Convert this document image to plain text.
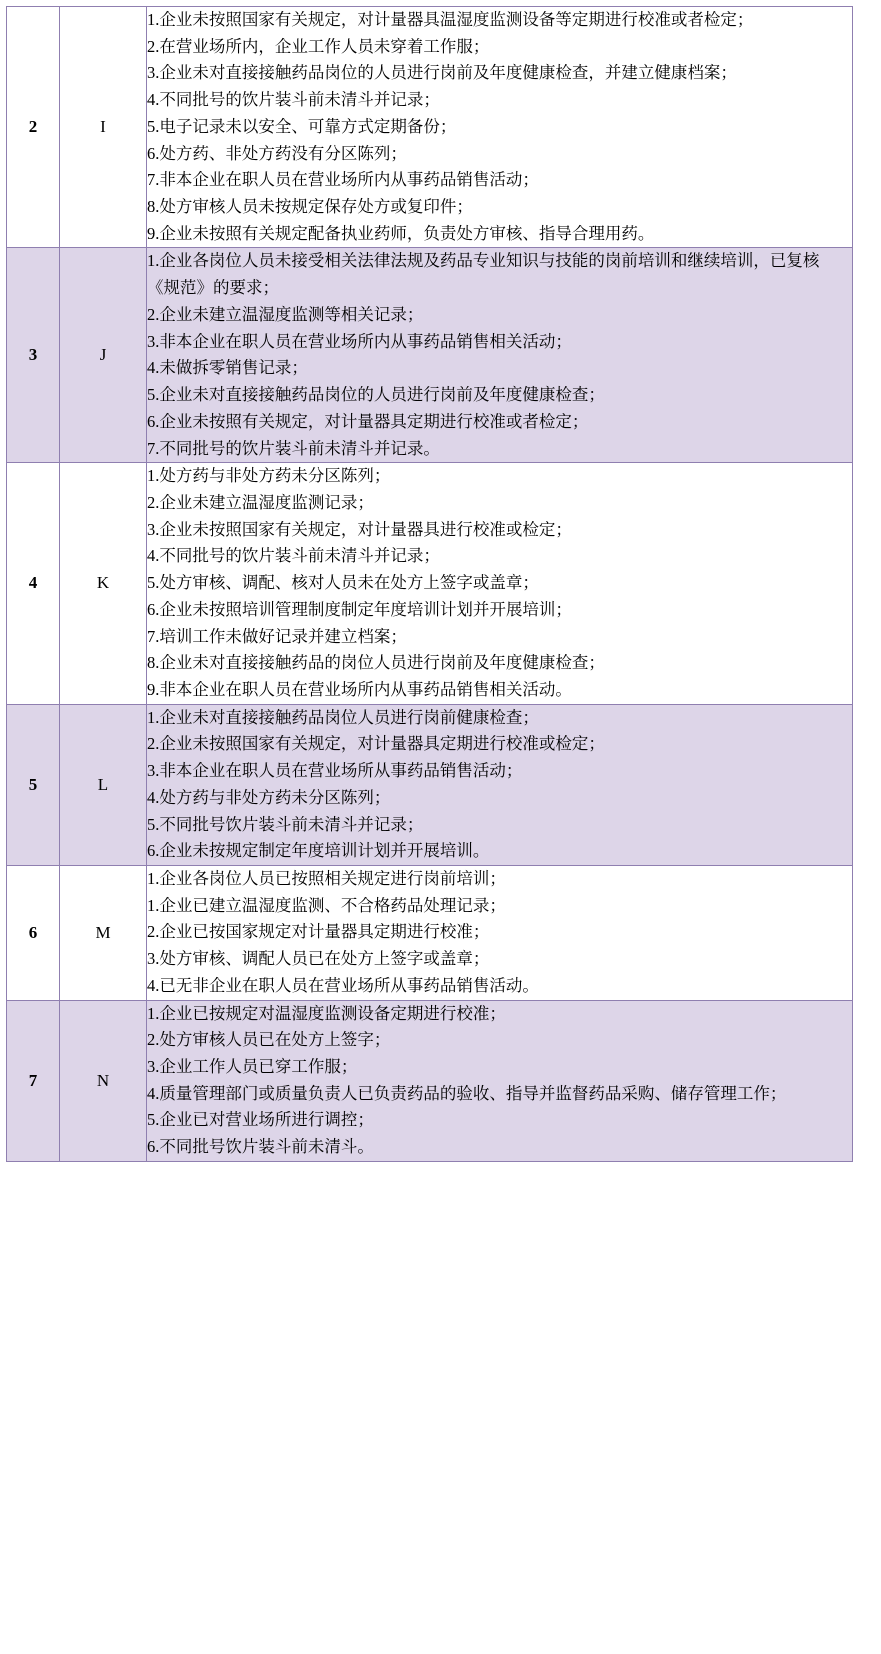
2	I	
1.企业未按照国家有关规定，对计量器具温湿度监测设备等定期进行校准或者检定；
2.在营业场所内，企业工作人员未穿着工作服；
3.企业未对直接接触药品岗位的人员进行岗前及年度健康检查，并建立健康档案；
4.不同批号的饮片装斗前未清斗并记录；
5.电子记录未以安全、可靠方式定期备份；
6.处方药、非处方药没有分区陈列；
7.非本企业在职人员在营业场所内从事药品销售活动；
8.处方审核人员未按规定保存处方或复印件；
9.企业未按照有关规定配备执业药师，负责处方审核、指导合理用药。

3	J	
1.企业各岗位人员未接受相关法律法规及药品专业知识与技能的岗前培训和继续培训，已复核《规范》的要求；
2.企业未建立温湿度监测等相关记录；
3.非本企业在职人员在营业场所内从事药品销售相关活动；
4.未做拆零销售记录；
5.企业未对直接接触药品岗位的人员进行岗前及年度健康检查；
6.企业未按照有关规定，对计量器具定期进行校准或者检定；
7.不同批号的饮片装斗前未清斗并记录。

4	K	
1.处方药与非处方药未分区陈列；
2.企业未建立温湿度监测记录；
3.企业未按照国家有关规定，对计量器具进行校准或检定；
4.不同批号的饮片装斗前未清斗并记录；
5.处方审核、调配、核对人员未在处方上签字或盖章；
6.企业未按照培训管理制度制定年度培训计划并开展培训；
7.培训工作未做好记录并建立档案；
8.企业未对直接接触药品的岗位人员进行岗前及年度健康检查；
9.非本企业在职人员在营业场所内从事药品销售相关活动。

5	L	
1.企业未对直接接触药品岗位人员进行岗前健康检查；
2.企业未按照国家有关规定，对计量器具定期进行校准或检定；
3.非本企业在职人员在营业场所从事药品销售活动；
4.处方药与非处方药未分区陈列；
5.不同批号饮片装斗前未清斗并记录；
6.企业未按规定制定年度培训计划并开展培训。

6	M	1.企业各岗位人员已按照相关规定进行岗前培训；
1.企业已建立温湿度监测、不合格药品处理记录；
2.企业已按国家规定对计量器具定期进行校准；
3.处方审核、调配人员已在处方上签字或盖章；
4.已无非企业在职人员在营业场所从事药品销售活动。

7	N	
1.企业已按规定对温湿度监测设备定期进行校准；
2.处方审核人员已在处方上签字；
3.企业工作人员已穿工作服；
4.质量管理部门或质量负责人已负责药品的验收、指导并监督药品采购、储存管理工作；
5.企业已对营业场所进行调控；
6.不同批号饮片装斗前未清斗。
